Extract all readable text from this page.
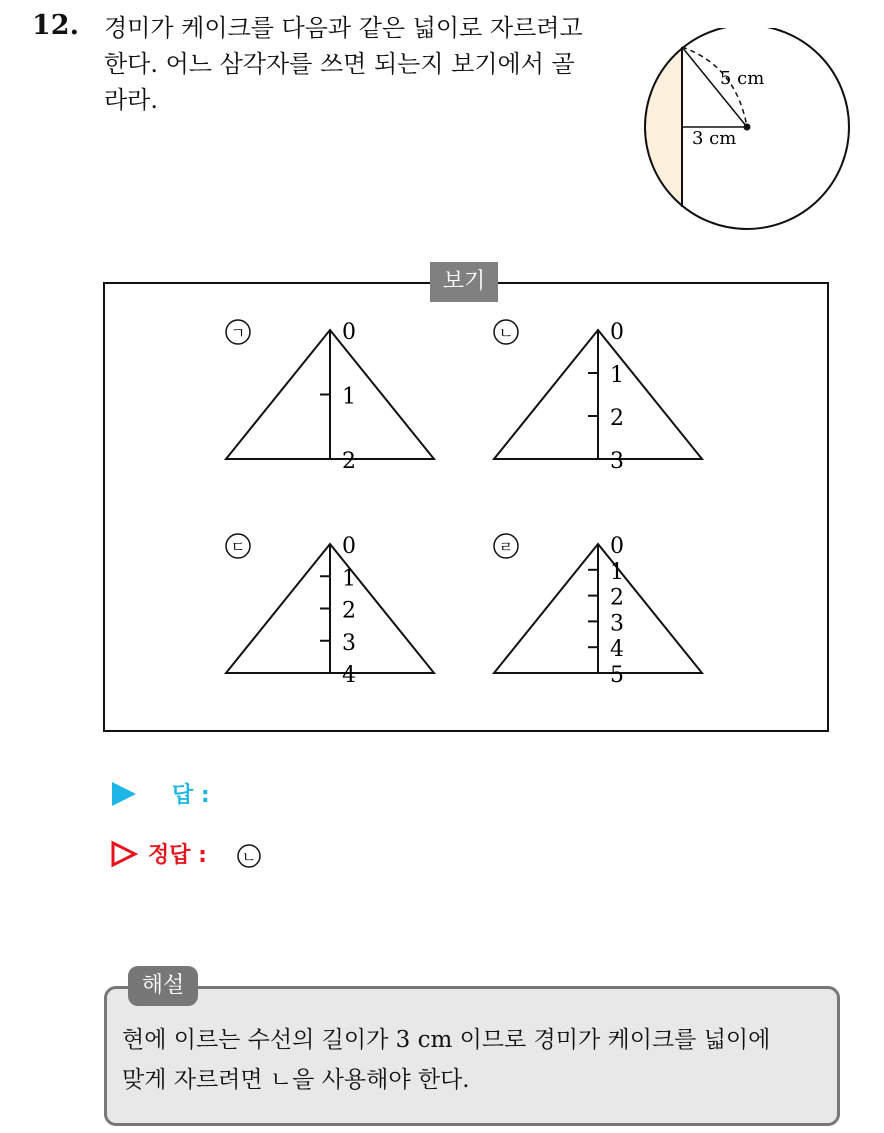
12. 경미가 케이크를 다음과 같은 넓이로 자르려고
한다. 어느 삼각자를 쓰면 되는지 보기에서 골
라라.
5 cm
3 cm
보기
ㄱ	0
1
2
ㄴ	0
1
2
3
ㄷ	0
1
2
3
4
ㄹ	0
1
2
3
4
5
답 :
정답 : ㄴ
해설
현에 이르는 수선의 길이가 3 cm 이므로 경미가 케이크를 넓이에
맞게 자르려면 ㄴ을 사용해야 한다.
